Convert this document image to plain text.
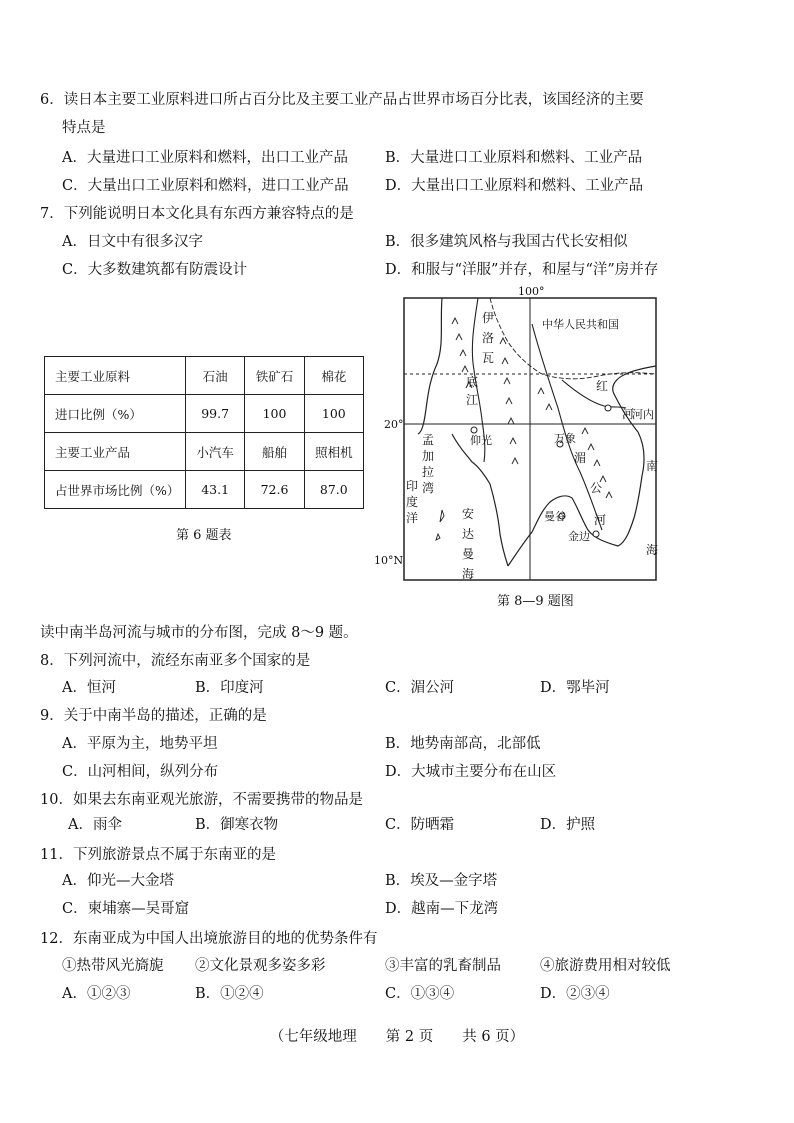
6．读日本主要工业原料进口所占百分比及主要工业产品占世界市场百分比表，该国经济的主要
特点是
A．大量进口工业原料和燃料，出口工业产品	B．大量进口工业原料和燃料、工业产品
C．大量出口工业原料和燃料，进口工业产品	D．大量出口工业原料和燃料、工业产品
7．下列能说明日本文化具有东西方兼容特点的是
A．日文中有很多汉字	B．很多建筑风格与我国古代长安相似
C．大多数建筑都有防震设计	D．和服与“洋服”并存，和屋与“洋”房并存
主要工业原料	石油	铁矿石	棉花
进口比例（%）	99.7	100	100
主要工业产品	小汽车	船舶	照相机
占世界市场比例（%）	43.1	72.6	87.0
第 6 题表
100°
20°
10°N
中华人民共和国
伊
洛
瓦
底
江
红
河
河内
孟
加
拉
湾
仰光	万象
湄
公
河
安
达
曼
海
印
度
洋	曼谷
金边
南
海
第 8—9 题图
读中南半岛河流与城市的分布图，完成 8～9 题。
8．下列河流中，流经东南亚多个国家的是
A．恒河	B．印度河	C．湄公河	D．鄂毕河
9．关于中南半岛的描述，正确的是
A．平原为主，地势平坦	B．地势南部高，北部低
C．山河相间，纵列分布	D．大城市主要分布在山区
10．如果去东南亚观光旅游，不需要携带的物品是
A．雨伞	B．御寒衣物	C．防晒霜	D．护照
11．下列旅游景点不属于东南亚的是
A．仰光—大金塔	B．埃及—金字塔
C．柬埔寨—吴哥窟	D．越南—下龙湾
12．东南亚成为中国人出境旅游目的地的优势条件有
①热带风光旖旎 ②文化景观多姿多彩	③丰富的乳畜制品	④旅游费用相对较低
A．①②③	B．①②④	C．①③④	D．②③④
（七年级地理　　第 2 页　　共 6 页）
